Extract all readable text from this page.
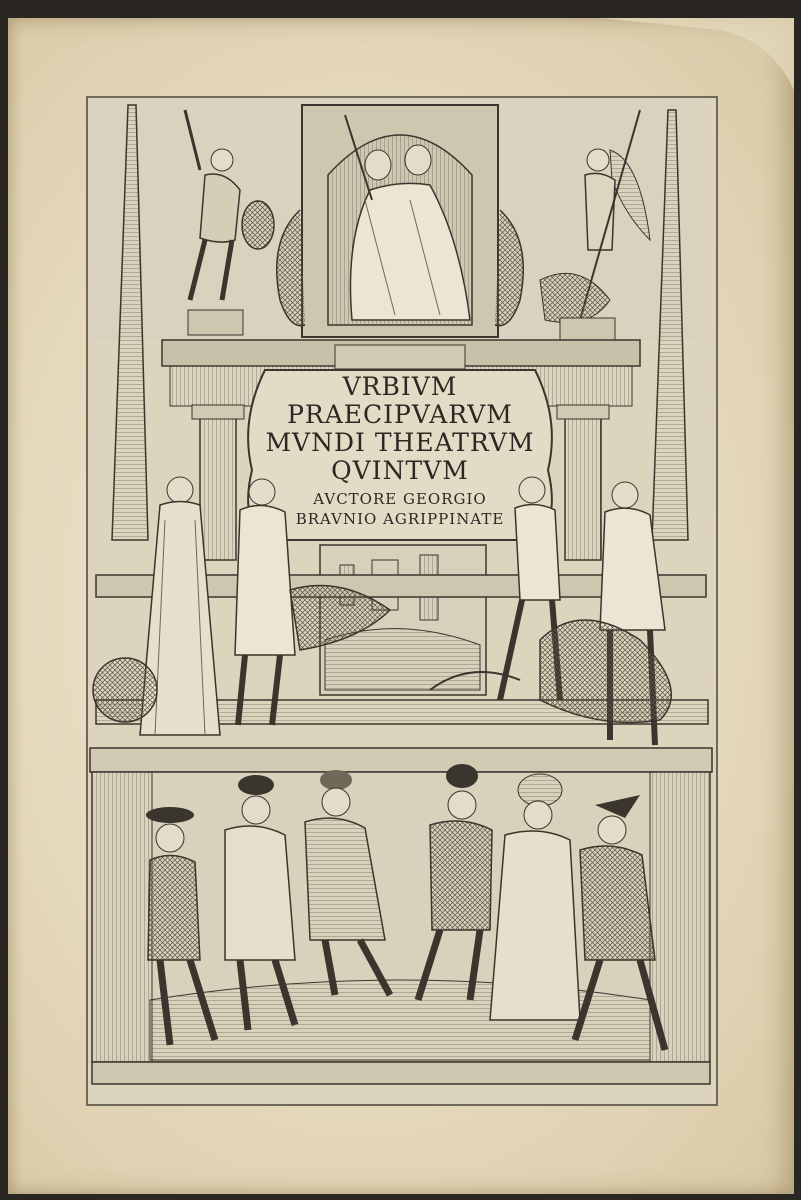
VRBIVM
PRAECIPVARVM
MVNDI THEATRVM
QVINTVM
AVCTORE GEORGIO
BRAVNIO AGRIPPINATE
